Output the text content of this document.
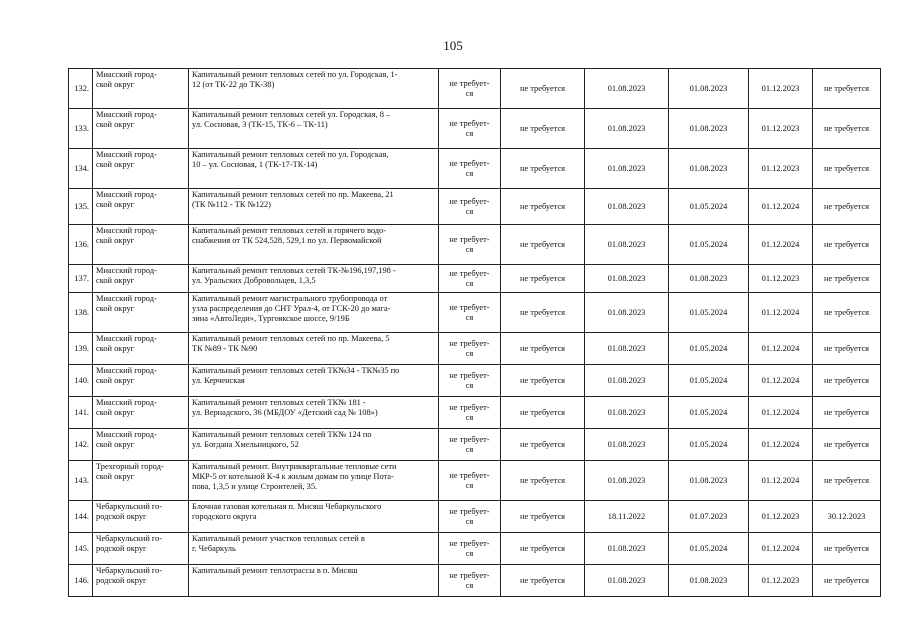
105
132.	Миасский город-
ской округ	Капитальный ремонт тепловых сетей по ул. Городская, 1-
12 (от ТК-22 до ТК-38)	не требует-
ся	не требуется	01.08.2023	01.08.2023	01.12.2023	не требуется
133.	Миасский город-
ской округ	Капитальный ремонт тепловых сетей ул. Городская, 8 –
ул. Сосновая, 3 (ТК-15, ТК-6 – ТК-11)	не требует-
ся	не требуется	01.08.2023	01.08.2023	01.12.2023	не требуется
134.	Миасский город-
ской округ	Капитальный ремонт тепловых сетей по ул. Городская,
10 – ул. Сосновая, 1 (ТК-17-ТК-14)	не требует-
ся	не требуется	01.08.2023	01.08.2023	01.12.2023	не требуется
135.	Миасский город-
ской округ	Капитальный ремонт тепловых сетей по пр. Макеева, 21
(ТК №112 - ТК №122)	не требует-
ся	не требуется	01.08.2023	01.05.2024	01.12.2024	не требуется
136.	Миасский город-
ской округ	Капитальный ремонт тепловых сетей и горячего водо-
снабжения от ТК 524,528, 529,1 по ул. Первомайской	не требует-
ся	не требуется	01.08.2023	01.05.2024	01.12.2024	не требуется
137.	Миасский город-
ской округ	Капитальный ремонт тепловых сетей ТК-№196,197,198 -
ул. Уральских Добровольцев, 1,3,5	не требует-
ся	не требуется	01.08.2023	01.08.2023	01.12.2023	не требуется
138.	Миасский город-
ской округ	Капитальный ремонт магистрального трубопровода от
узла распределения до СНТ Урал-4, от ГСК-20 до мага-
зина «АвтоЛеди», Тургоякское шоссе, 9/19Б	не требует-
ся	не требуется	01.08.2023	01.05.2024	01.12.2024	не требуется
139.	Миасский город-
ской округ	Капитальный ремонт тепловых сетей по пр. Макеева, 5
ТК №89 - ТК №90	не требует-
ся	не требуется	01.08.2023	01.05.2024	01.12.2024	не требуется
140.	Миасский город-
ской округ	Капитальный ремонт тепловых сетей ТК№34 - ТК№35 по
ул. Керченская	не требует-
ся	не требуется	01.08.2023	01.05.2024	01.12.2024	не требуется
141.	Миасский город-
ской округ	Капитальный ремонт тепловых сетей ТК№ 181 -
ул. Вернадского, 36 (МБДОУ «Детский сад № 108»)	не требует-
ся	не требуется	01.08.2023	01.05.2024	01.12.2024	не требуется
142.	Миасский город-
ской округ	Капитальный ремонт тепловых сетей ТК№ 124 по
ул. Богдана Хмельницкого, 52	не требует-
ся	не требуется	01.08.2023	01.05.2024	01.12.2024	не требуется
143.	Трехгорный город-
ской округ	Капитальный ремонт. Внутриквартальные тепловые сети
МКР-5 от котельной К-4 к жилым домам по улице Пота-
пова, 1,3,5 и улице Строителей, 35.	не требует-
ся	не требуется	01.08.2023	01.08.2023	01.12.2024	не требуется
144.	Чебаркульский го-
родской округ	Блочная газовая котельная п. Мисяш Чебаркульского
городского округа	не требует-
ся	не требуется	18.11.2022	01.07.2023	01.12.2023	30.12.2023
145.	Чебаркульский го-
родской округ	Капитальный ремонт участков тепловых сетей в
г. Чебаркуль	не требует-
ся	не требуется	01.08.2023	01.05.2024	01.12.2024	не требуется
146.	Чебаркульский го-
родской округ	Капитальный ремонт теплотрассы в п. Мисяш	не требует-
ся	не требуется	01.08.2023	01.08.2023	01.12.2023	не требуется
